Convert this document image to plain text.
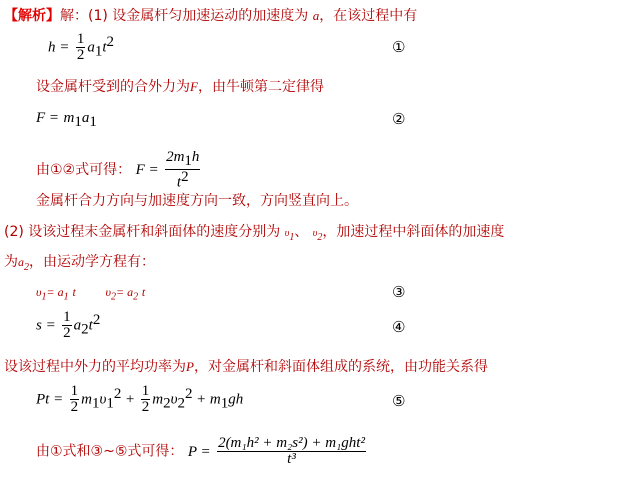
【解析】解：(1) 设金属杆匀加速运动的加速度为 a，在该过程中有
$h = \frac{1}{2} a_1t^2$	①
设金属杆受到的合外力为F，由牛顿第二定律得
$F = m_1a_1$	②
由①②式可得： $F = \frac{2m_1h}{t^2}$
金属杆合力方向与加速度方向一致，方向竖直向上。
(2) 设该过程末金属杆和斜面体的速度分别为 $\upsilon_1$、 $\upsilon_2$，加速过程中斜面体的加速度
为$a_2$，由运动学方程有：
$\upsilon_1= a_1$ t $\upsilon_2= a_2$ t	③
$s = \frac{1}{2} a_2t^2$	④
设该过程中外力的平均功率为P，对金属杆和斜面体组成的系统，由功能关系得
$Pt = \frac{1}{2} m_1\upsilon_1^2 + \frac{1}{2} m_2\upsilon_2^2 + m_1gh$	⑤
由①式和③~⑤式可得： $P = \frac{\text{2(m₁h² + m₂s²) + m₁ght²}}{\text{t³}}$
